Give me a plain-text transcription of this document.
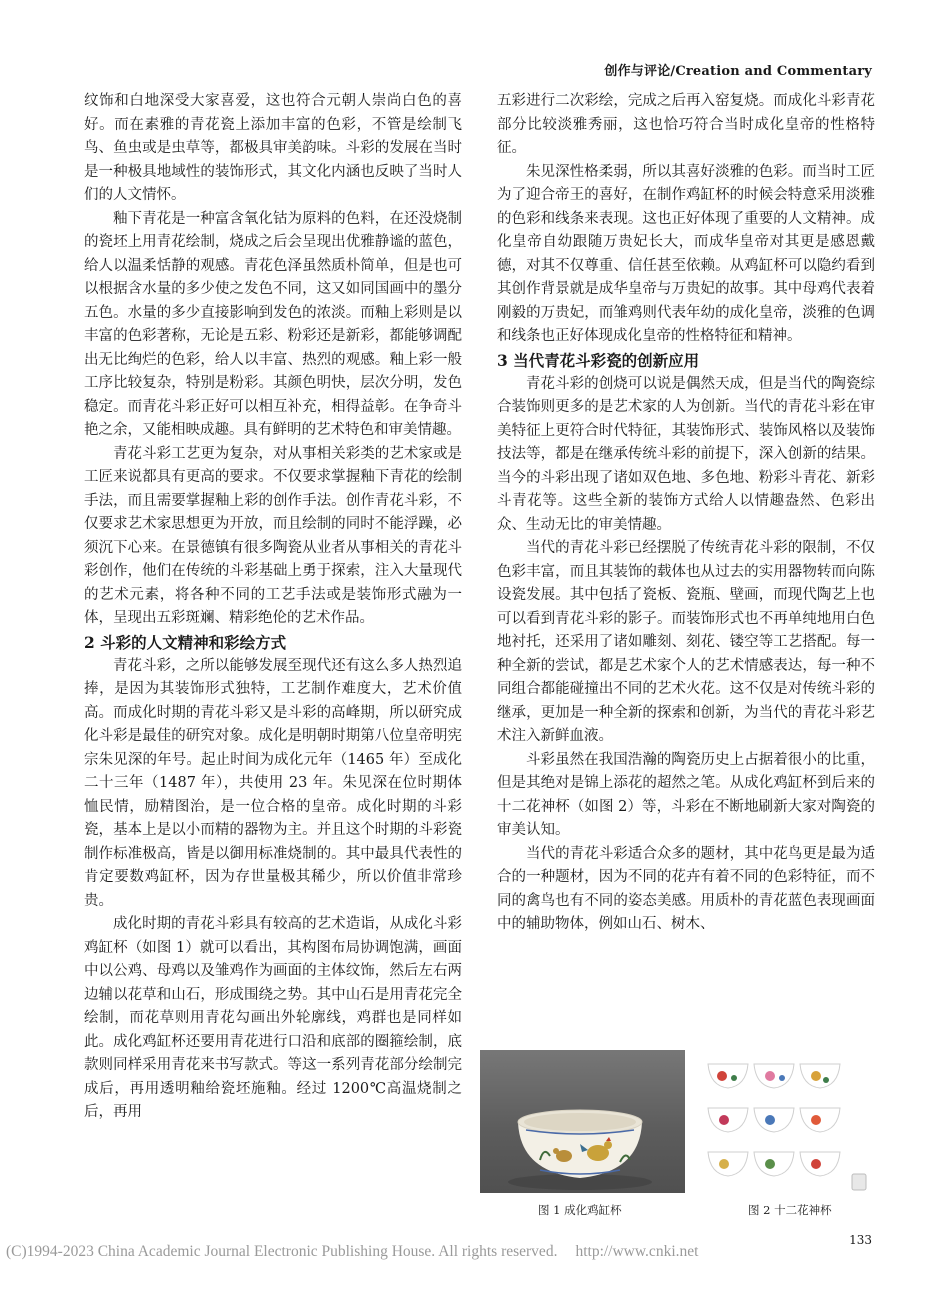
创作与评论/Creation and Commentary

纹饰和白地深受大家喜爱，这也符合元朝人崇尚白色的喜好。而在素雅的青花瓷上添加丰富的色彩，不管是绘制飞鸟、鱼虫或是虫草等，都极具审美韵味。斗彩的发展在当时是一种极具地域性的装饰形式，其文化内涵也反映了当时人们的人文情怀。

釉下青花是一种富含氧化钴为原料的色料，在还没烧制的瓷坯上用青花绘制，烧成之后会呈现出优雅静谧的蓝色，给人以温柔恬静的观感。青花色泽虽然质朴简单，但是也可以根据含水量的多少使之发色不同，这又如同国画中的墨分五色。水量的多少直接影响到发色的浓淡。而釉上彩则是以丰富的色彩著称，无论是五彩、粉彩还是新彩，都能够调配出无比绚烂的色彩，给人以丰富、热烈的观感。釉上彩一般工序比较复杂，特别是粉彩。其颜色明快，层次分明，发色稳定。而青花斗彩正好可以相互补充，相得益彰。在争奇斗艳之余，又能相映成趣。具有鲜明的艺术特色和审美情趣。

青花斗彩工艺更为复杂，对从事相关彩类的艺术家或是工匠来说都具有更高的要求。不仅要求掌握釉下青花的绘制手法，而且需要掌握釉上彩的创作手法。创作青花斗彩，不仅要求艺术家思想更为开放，而且绘制的同时不能浮躁，必须沉下心来。在景德镇有很多陶瓷从业者从事相关的青花斗彩创作，他们在传统的斗彩基础上勇于探索，注入大量现代的艺术元素，将各种不同的工艺手法或是装饰形式融为一体，呈现出五彩斑斓、精彩绝伦的艺术作品。

2 斗彩的人文精神和彩绘方式

青花斗彩，之所以能够发展至现代还有这么多人热烈追捧，是因为其装饰形式独特，工艺制作难度大，艺术价值高。而成化时期的青花斗彩又是斗彩的高峰期，所以研究成化斗彩是最佳的研究对象。成化是明朝时期第八位皇帝明宪宗朱见深的年号。起止时间为成化元年（1465 年）至成化二十三年（1487 年），共使用 23 年。朱见深在位时期体恤民情，励精图治，是一位合格的皇帝。成化时期的斗彩瓷，基本上是以小而精的器物为主。并且这个时期的斗彩瓷制作标准极高，皆是以御用标准烧制的。其中最具代表性的肯定要数鸡缸杯，因为存世量极其稀少，所以价值非常珍贵。

成化时期的青花斗彩具有较高的艺术造诣，从成化斗彩鸡缸杯（如图 1）就可以看出，其构图布局协调饱满，画面中以公鸡、母鸡以及雏鸡作为画面的主体纹饰，然后左右两边辅以花草和山石，形成围绕之势。其中山石是用青花完全绘制，而花草则用青花勾画出外轮廓线，鸡群也是同样如此。成化鸡缸杯还要用青花进行口沿和底部的圈箍绘制，底款则同样采用青花来书写款式。等这一系列青花部分绘制完成后，再用透明釉给瓷坯施釉。经过 1200℃高温烧制之后，再用

五彩进行二次彩绘，完成之后再入窑复烧。而成化斗彩青花部分比较淡雅秀丽，这也恰巧符合当时成化皇帝的性格特征。

朱见深性格柔弱，所以其喜好淡雅的色彩。而当时工匠为了迎合帝王的喜好，在制作鸡缸杯的时候会特意采用淡雅的色彩和线条来表现。这也正好体现了重要的人文精神。成化皇帝自幼跟随万贵妃长大，而成华皇帝对其更是感恩戴德，对其不仅尊重、信任甚至依赖。从鸡缸杯可以隐约看到其创作背景就是成华皇帝与万贵妃的故事。其中母鸡代表着刚毅的万贵妃，而雏鸡则代表年幼的成化皇帝，淡雅的色调和线条也正好体现成化皇帝的性格特征和精神。

3 当代青花斗彩瓷的创新应用

青花斗彩的创烧可以说是偶然天成，但是当代的陶瓷综合装饰则更多的是艺术家的人为创新。当代的青花斗彩在审美特征上更符合时代特征，其装饰形式、装饰风格以及装饰技法等，都是在继承传统斗彩的前提下，深入创新的结果。当今的斗彩出现了诸如双色地、多色地、粉彩斗青花、新彩斗青花等。这些全新的装饰方式给人以情趣盎然、色彩出众、生动无比的审美情趣。

当代的青花斗彩已经摆脱了传统青花斗彩的限制，不仅色彩丰富，而且其装饰的载体也从过去的实用器物转而向陈设瓷发展。其中包括了瓷板、瓷瓶、壁画，而现代陶艺上也可以看到青花斗彩的影子。而装饰形式也不再单纯地用白色地衬托，还采用了诸如雕刻、刻花、镂空等工艺搭配。每一种全新的尝试，都是艺术家个人的艺术情感表达，每一种不同组合都能碰撞出不同的艺术火花。这不仅是对传统斗彩的继承，更加是一种全新的探索和创新，为当代的青花斗彩艺术注入新鲜血液。

斗彩虽然在我国浩瀚的陶瓷历史上占据着很小的比重，但是其绝对是锦上添花的超然之笔。从成化鸡缸杯到后来的十二花神杯（如图 2）等，斗彩在不断地刷新大家对陶瓷的审美认知。

当代的青花斗彩适合众多的题材，其中花鸟更是最为适合的一种题材，因为不同的花卉有着不同的色彩特征，而不同的禽鸟也有不同的姿态美感。用质朴的青花蓝色表现画面中的辅助物体，例如山石、树木、

图 1 成化鸡缸杯	图 2 十二花神杯
133
(C)1994-2023 China Academic Journal Electronic Publishing House. All rights reserved. http://www.cnki.net
